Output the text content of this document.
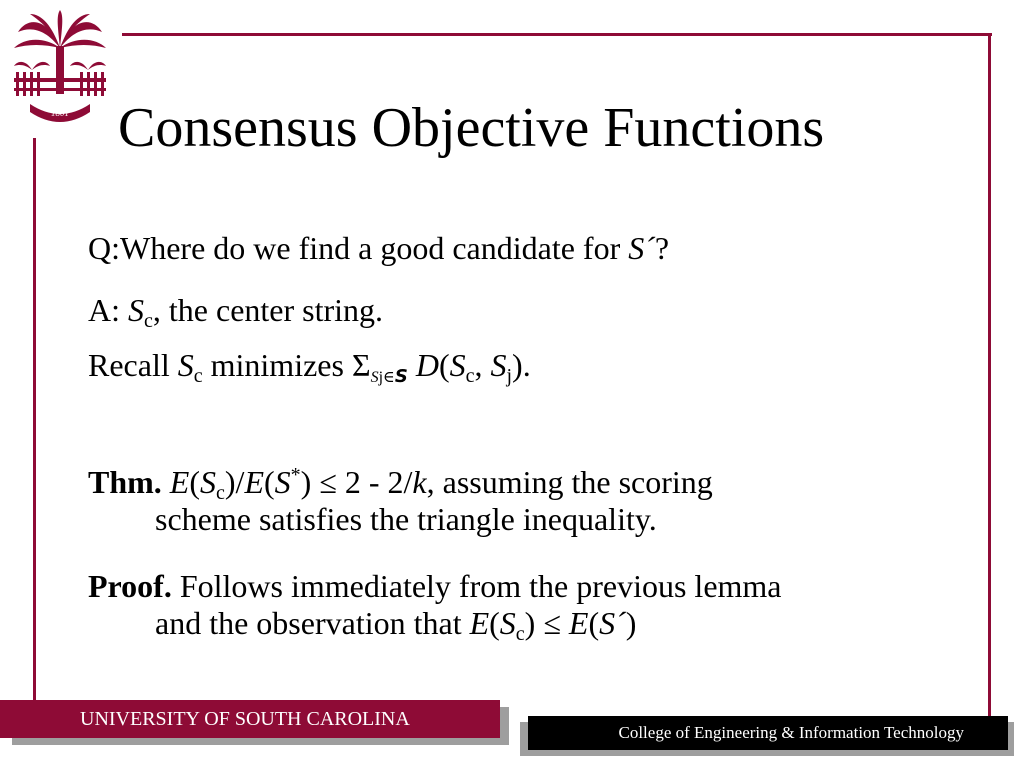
1801 Consensus Objective Functions

Q:Where do we find a good candidate for S´?

A: $S_c$, the center string.

Recall $S_c$ minimizes $\Sigma_{Sj\in S}$ $D(S_c$, $S_j$).

Thm. $E(S_c)/E(S^*) \le 2 - 2/k$, assuming the scoring
scheme satisfies the triangle inequality.

Proof. Follows immediately from the previous lemma
and the observation that $E(S_c)$ ≤ E(S´)

UNIVERSITY OF SOUTH CAROLINA
College of Engineering & Information Technology
